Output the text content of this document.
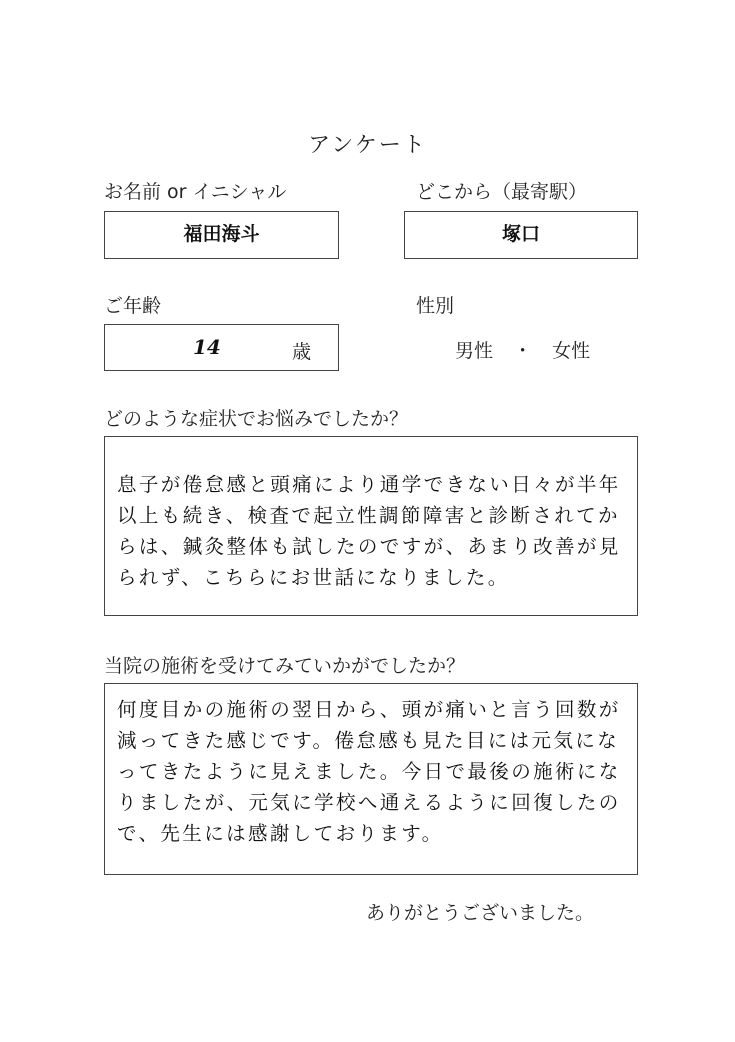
アンケート
お名前 or イニシャル
福田海斗
どこから（最寄駅）
塚口
ご年齢
14	歳
性別
男性 ・ 女性
どのような症状でお悩みでしたか？
息子が倦怠感と頭痛により通学できない日々が半年以上も続き、検査で起立性調節障害と診断されてからは、鍼灸整体も試したのですが、あまり改善が見られず、こちらにお世話になりました。
当院の施術を受けてみていかがでしたか？
何度目かの施術の翌日から、頭が痛いと言う回数が減ってきた感じです。倦怠感も見た目には元気になってきたように見えました。今日で最後の施術になりましたが、元気に学校へ通えるように回復したので、先生には感謝しております。
ありがとうございました。
